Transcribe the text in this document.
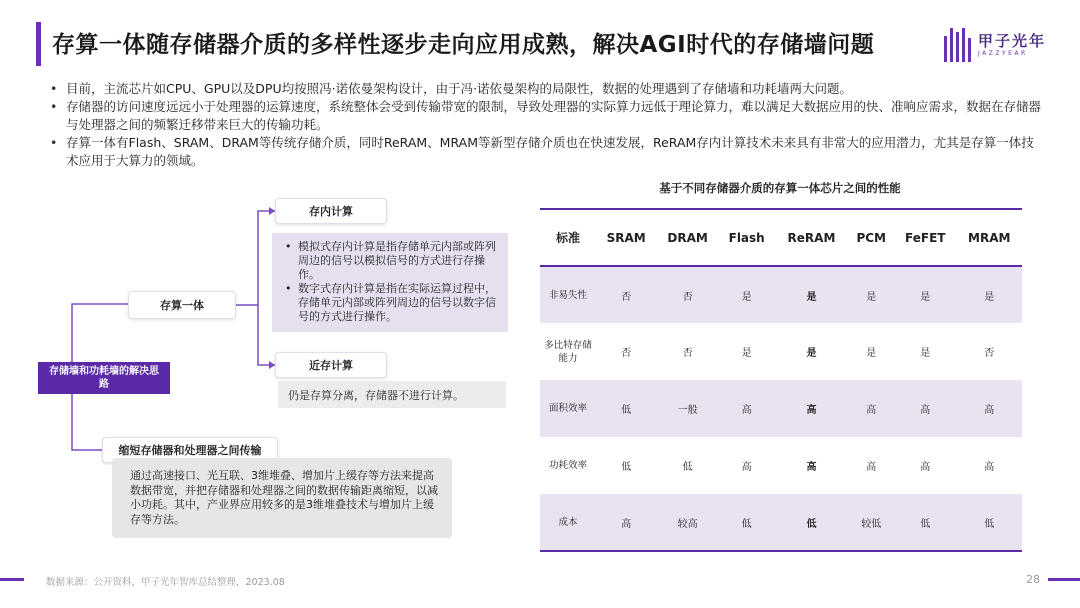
存算一体随存储器介质的多样性逐步走向应用成熟，解决AGI时代的存储墙问题	甲子光年
JAZZYEAR
• 目前，主流芯片如CPU、GPU以及DPU均按照冯·诺依曼架构设计，由于冯·诺依曼架构的局限性，数据的处理遇到了存储墙和功耗墙两大问题。
• 存储器的访问速度远远小于处理器的运算速度，系统整体会受到传输带宽的限制，导致处理器的实际算力远低于理论算力，难以满足大数据应用的快、准响应需求，数据在存储器与处理器之间的频繁迁移带来巨大的传输功耗。
• 存算一体有Flash、SRAM、DRAM等传统存储介质，同时ReRAM、MRAM等新型存储介质也在快速发展，ReRAM存内计算技术未来具有非常大的应用潜力，尤其是存算一体技术应用于大算力的领域。
存储墙和功耗墙的解决思路
存算一体
存内计算
• 模拟式存内计算是指存储单元内部或阵列周边的信号以模拟信号的方式进行存操作。
• 数字式存内计算是指在实际运算过程中，存储单元内部或阵列周边的信号以数字信号的方式进行操作。
近存计算
仍是存算分离，存储器不进行计算。
缩短存储器和处理器之间传输
通过高速接口、光互联、3维堆叠、增加片上缓存等方法来提高数据带宽，并把存储器和处理器之间的数据传输距离缩短，以减小功耗。其中，产业界应用较多的是3维堆叠技术与增加片上缓存等方法。
基于不同存储器介质的存算一体芯片之间的性能
标准	SRAM	DRAM	Flash	ReRAM	PCM	FeFET	MRAM
非易失性	否	否	是	是	是	是	是
多比特存储能力	否	否	是	是	是	是	否
面积效率	低	一般	高	高	高	高	高
功耗效率	低	低	高	高	高	高	高
成本	高	较高	低	低	较低	低	低
数据来源：公开资料，甲子光年智库总结整理，2023.08	28
